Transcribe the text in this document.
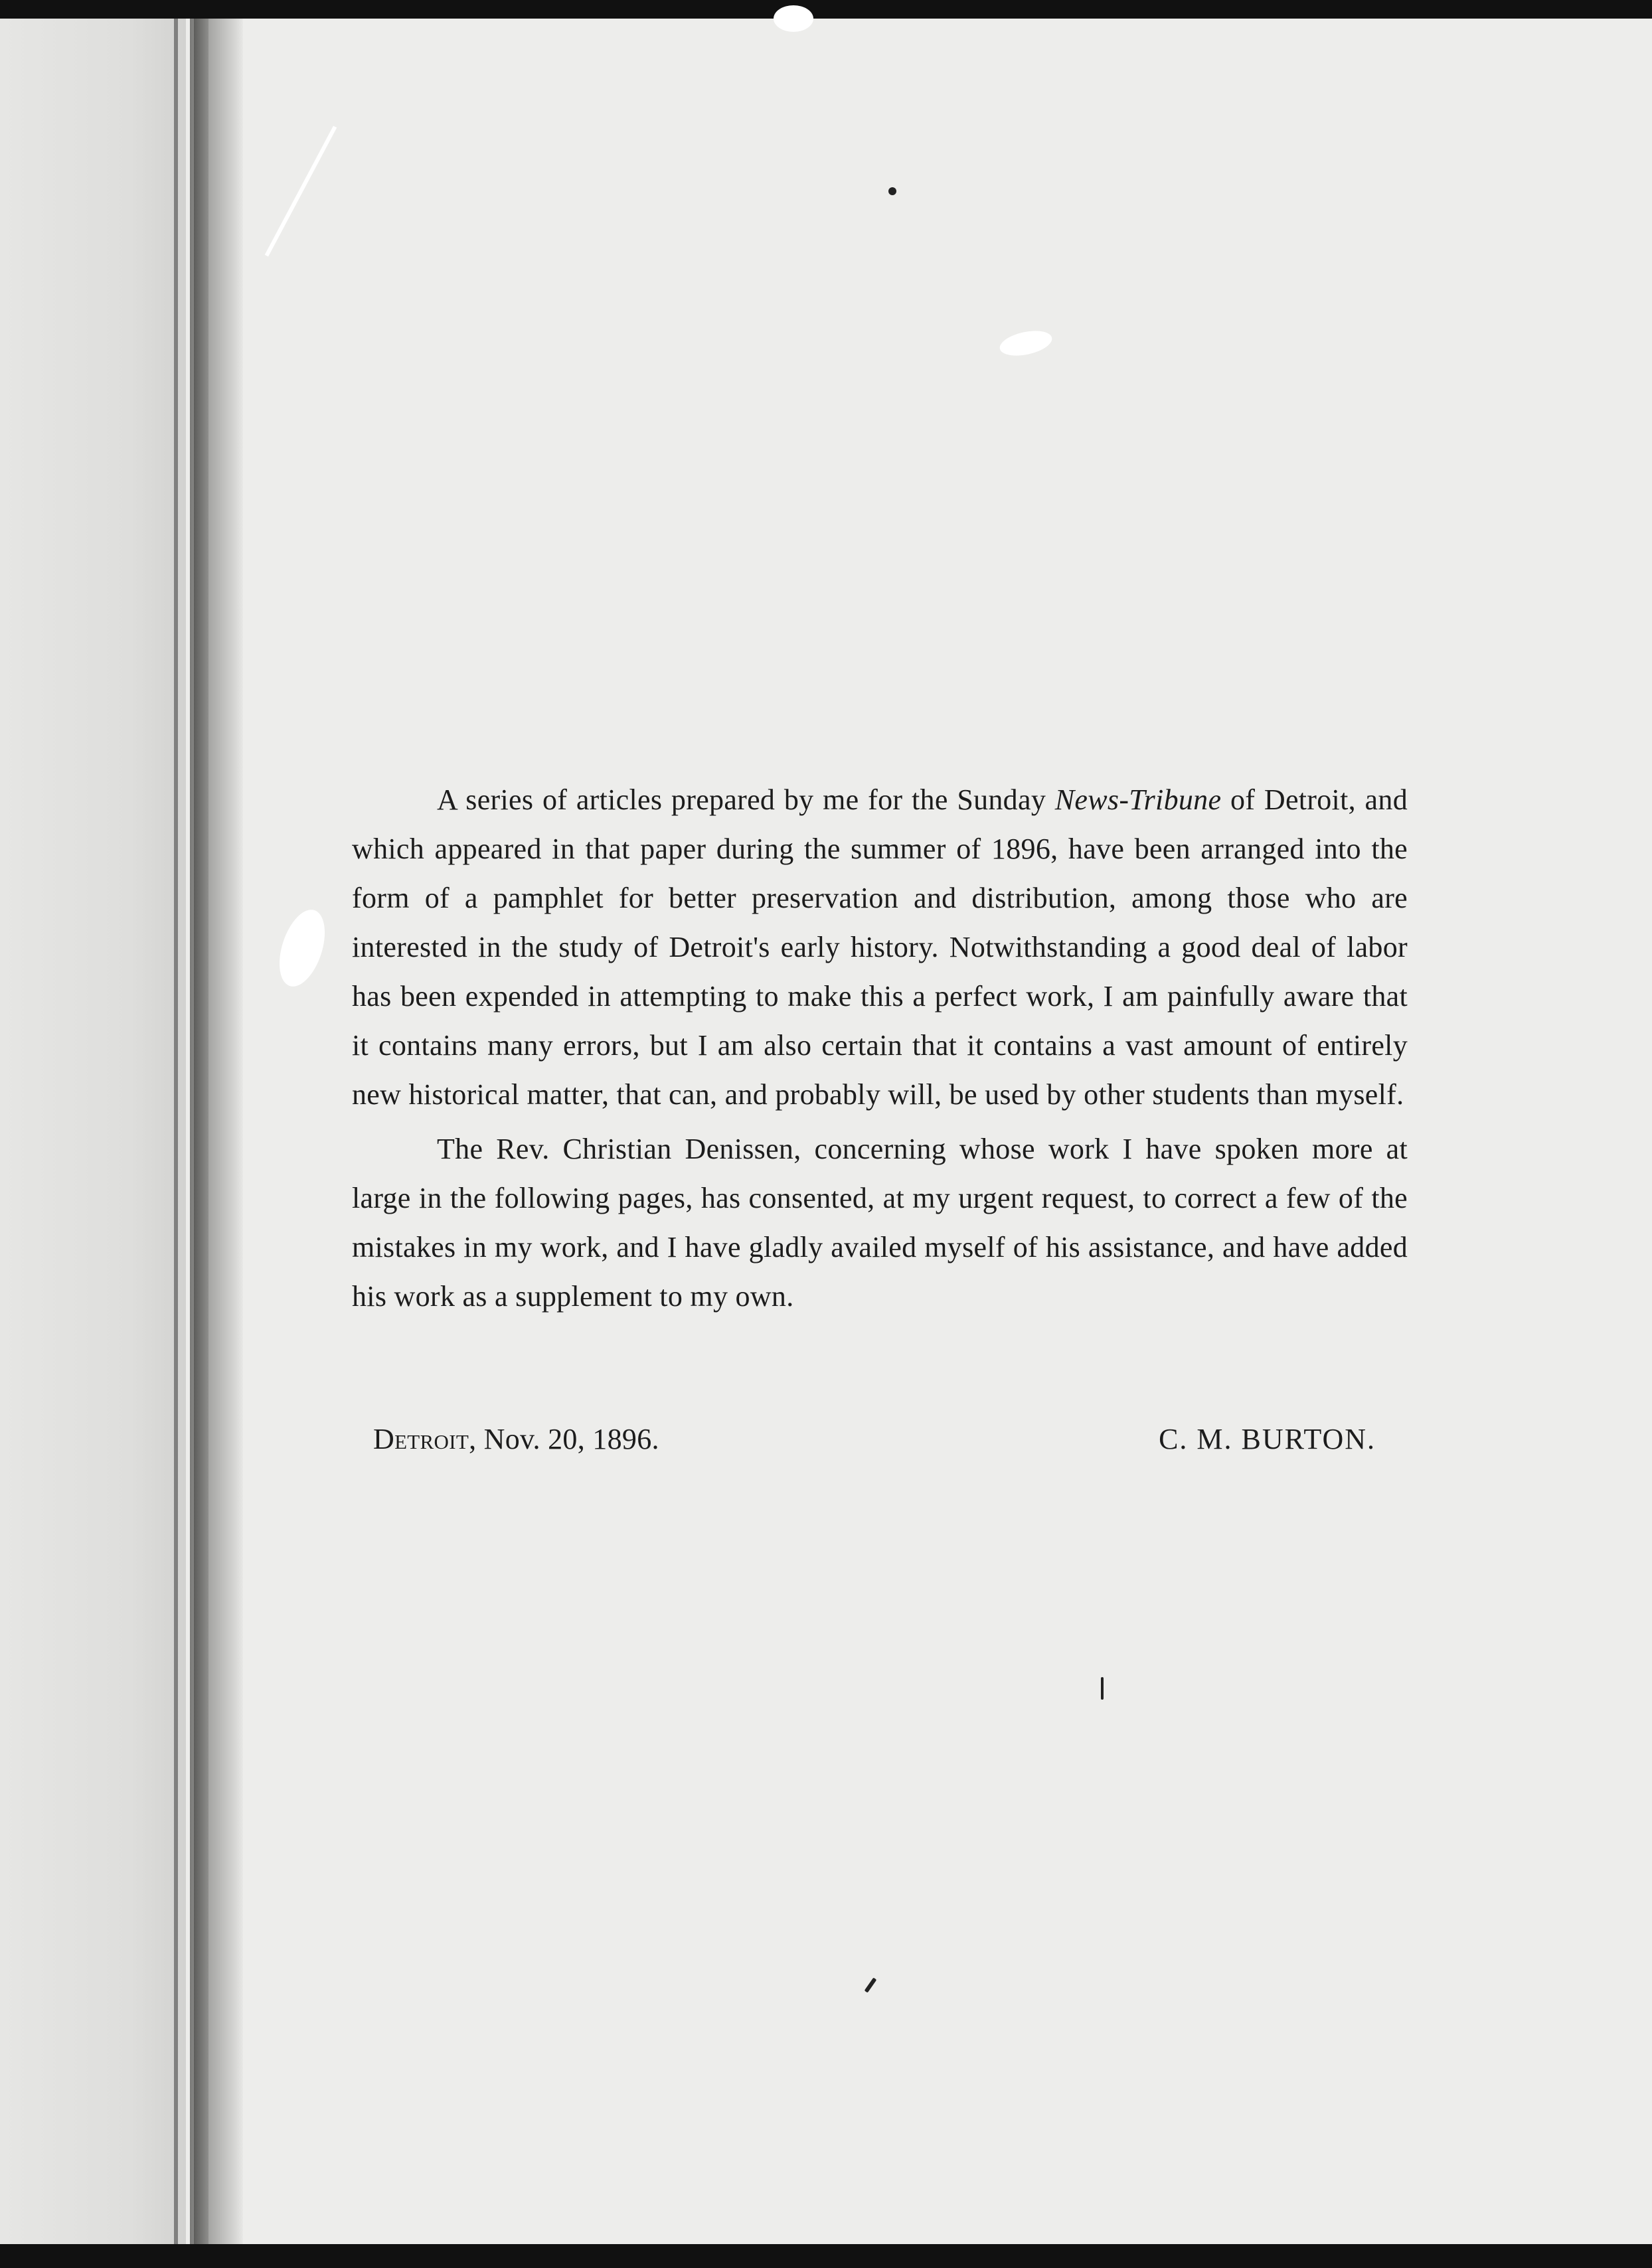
A series of articles prepared by me for the Sunday News-Tribune of Detroit, and which appeared in that paper during the summer of 1896, have been arranged into the form of a pamphlet for better preservation and distribution, among those who are interested in the study of Detroit's early history. Notwithstanding a good deal of labor has been expended in attempting to make this a perfect work, I am painfully aware that it contains many errors, but I am also certain that it contains a vast amount of entirely new historical matter, that can, and probably will, be used by other students than myself.

The Rev. Christian Denissen, concerning whose work I have spoken more at large in the following pages, has consented, at my urgent request, to correct a few of the mistakes in my work, and I have gladly availed myself of his assistance, and have added his work as a supplement to my own.

Detroit, Nov. 20, 1896.	C. M. BURTON.
